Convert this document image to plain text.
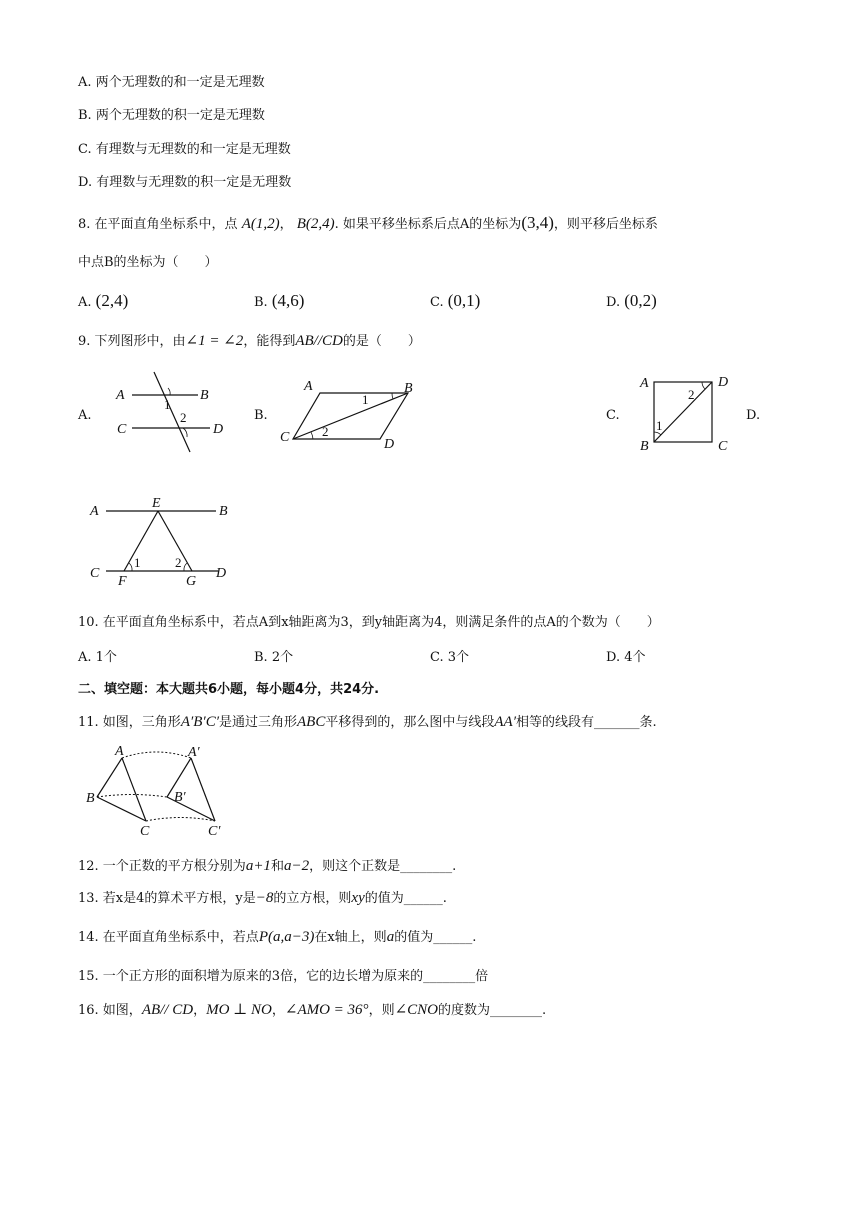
A. 两个无理数的和一定是无理数
B. 两个无理数的积一定是无理数
C. 有理数与无理数的和一定是无理数
D. 有理数与无理数的积一定是无理数
8. 在平面直角坐标系中，点 A(1,2)， B(2,4). 如果平移坐标系后点A的坐标为(3,4)，则平移后坐标系
中点B的坐标为（　　）
A. (2,4)	B. (4,6)	C. (0,1)	D. (0,2)
9. 下列图形中，由∠1 = ∠2，能得到AB//CD的是（　　）
A.
A	B
C	D
1
2	B.
A	B
C	D
1
2
C.
A	D
B	C
1
2
D.
A
E
B
C
F	G
D
1	2
10. 在平面直角坐标系中，若点A到x轴距离为3，到y轴距离为4，则满足条件的点A的个数为（　　）
A. 1个	B. 2个	C. 3个	D. 4个
二、填空题：本大题共6小题，每小题4分，共24分.
11. 如图，三角形A′B′C′是通过三角形ABC平移得到的，那么图中与线段AA′相等的线段有_______条.
A	A′
B	B′
C	C′
12. 一个正数的平方根分别为a+1和a−2，则这个正数是________.
13. 若x是4的算术平方根，y是−8的立方根，则xy的值为______.
14. 在平面直角坐标系中，若点P(a,a−3)在x轴上，则a的值为______.
15. 一个正方形的面积增为原来的3倍，它的边长增为原来的________倍
16. 如图，AB// CD，MO ⊥ NO，∠AMO = 36°，则∠CNO的度数为________.
